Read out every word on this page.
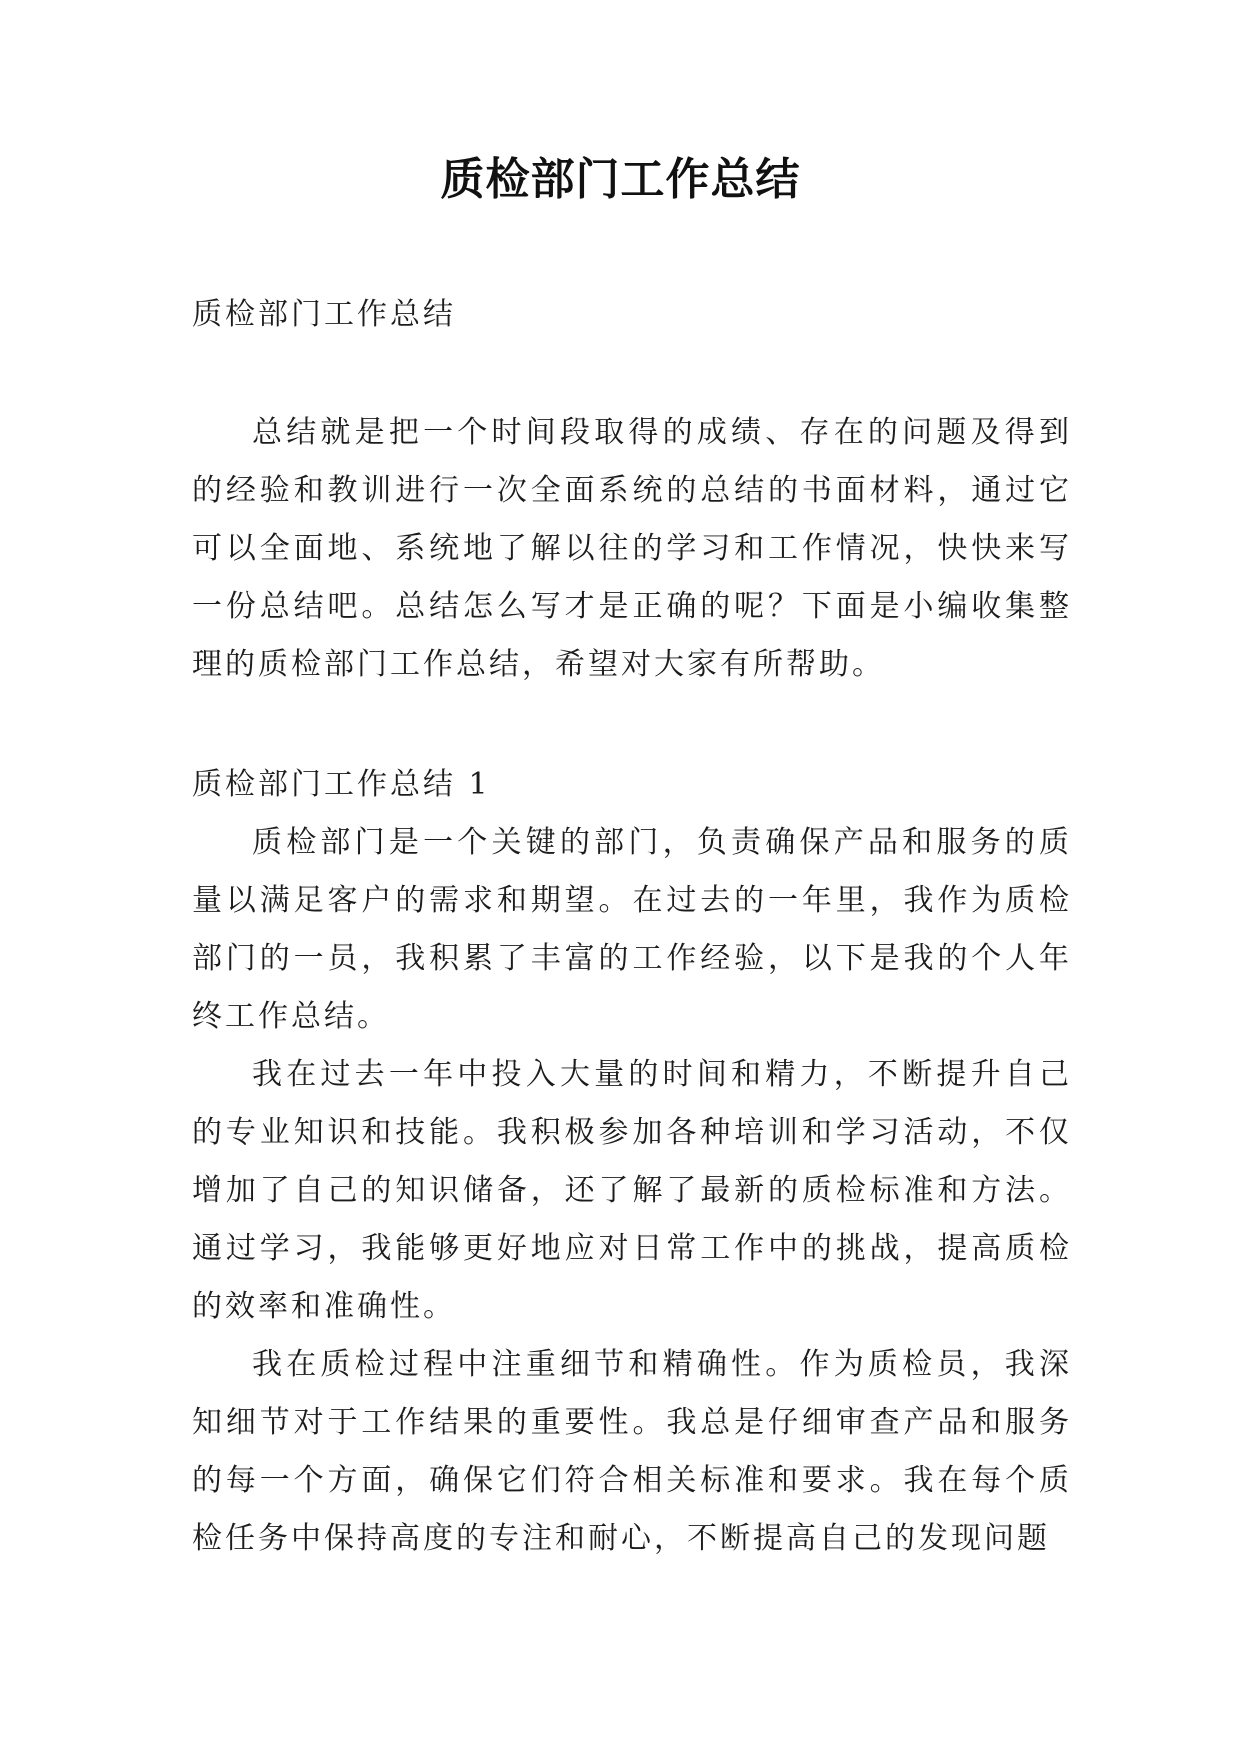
质检部门工作总结

质检部门工作总结

总结就是把一个时间段取得的成绩、存在的问题及得到的经验和教训进行一次全面系统的总结的书面材料，通过它可以全面地、系统地了解以往的学习和工作情况，快快来写一份总结吧。总结怎么写才是正确的呢？下面是小编收集整理的质检部门工作总结，希望对大家有所帮助。

质检部门工作总结 1

质检部门是一个关键的部门，负责确保产品和服务的质量以满足客户的需求和期望。在过去的一年里，我作为质检部门的一员，我积累了丰富的工作经验，以下是我的个人年终工作总结。

我在过去一年中投入大量的时间和精力，不断提升自己的专业知识和技能。我积极参加各种培训和学习活动，不仅增加了自己的知识储备，还了解了最新的质检标准和方法。通过学习，我能够更好地应对日常工作中的挑战，提高质检的效率和准确性。

我在质检过程中注重细节和精确性。作为质检员，我深知细节对于工作结果的重要性。我总是仔细审查产品和服务的每一个方面，确保它们符合相关标准和要求。我在每个质检任务中保持高度的专注和耐心，不断提高自己的发现问题
